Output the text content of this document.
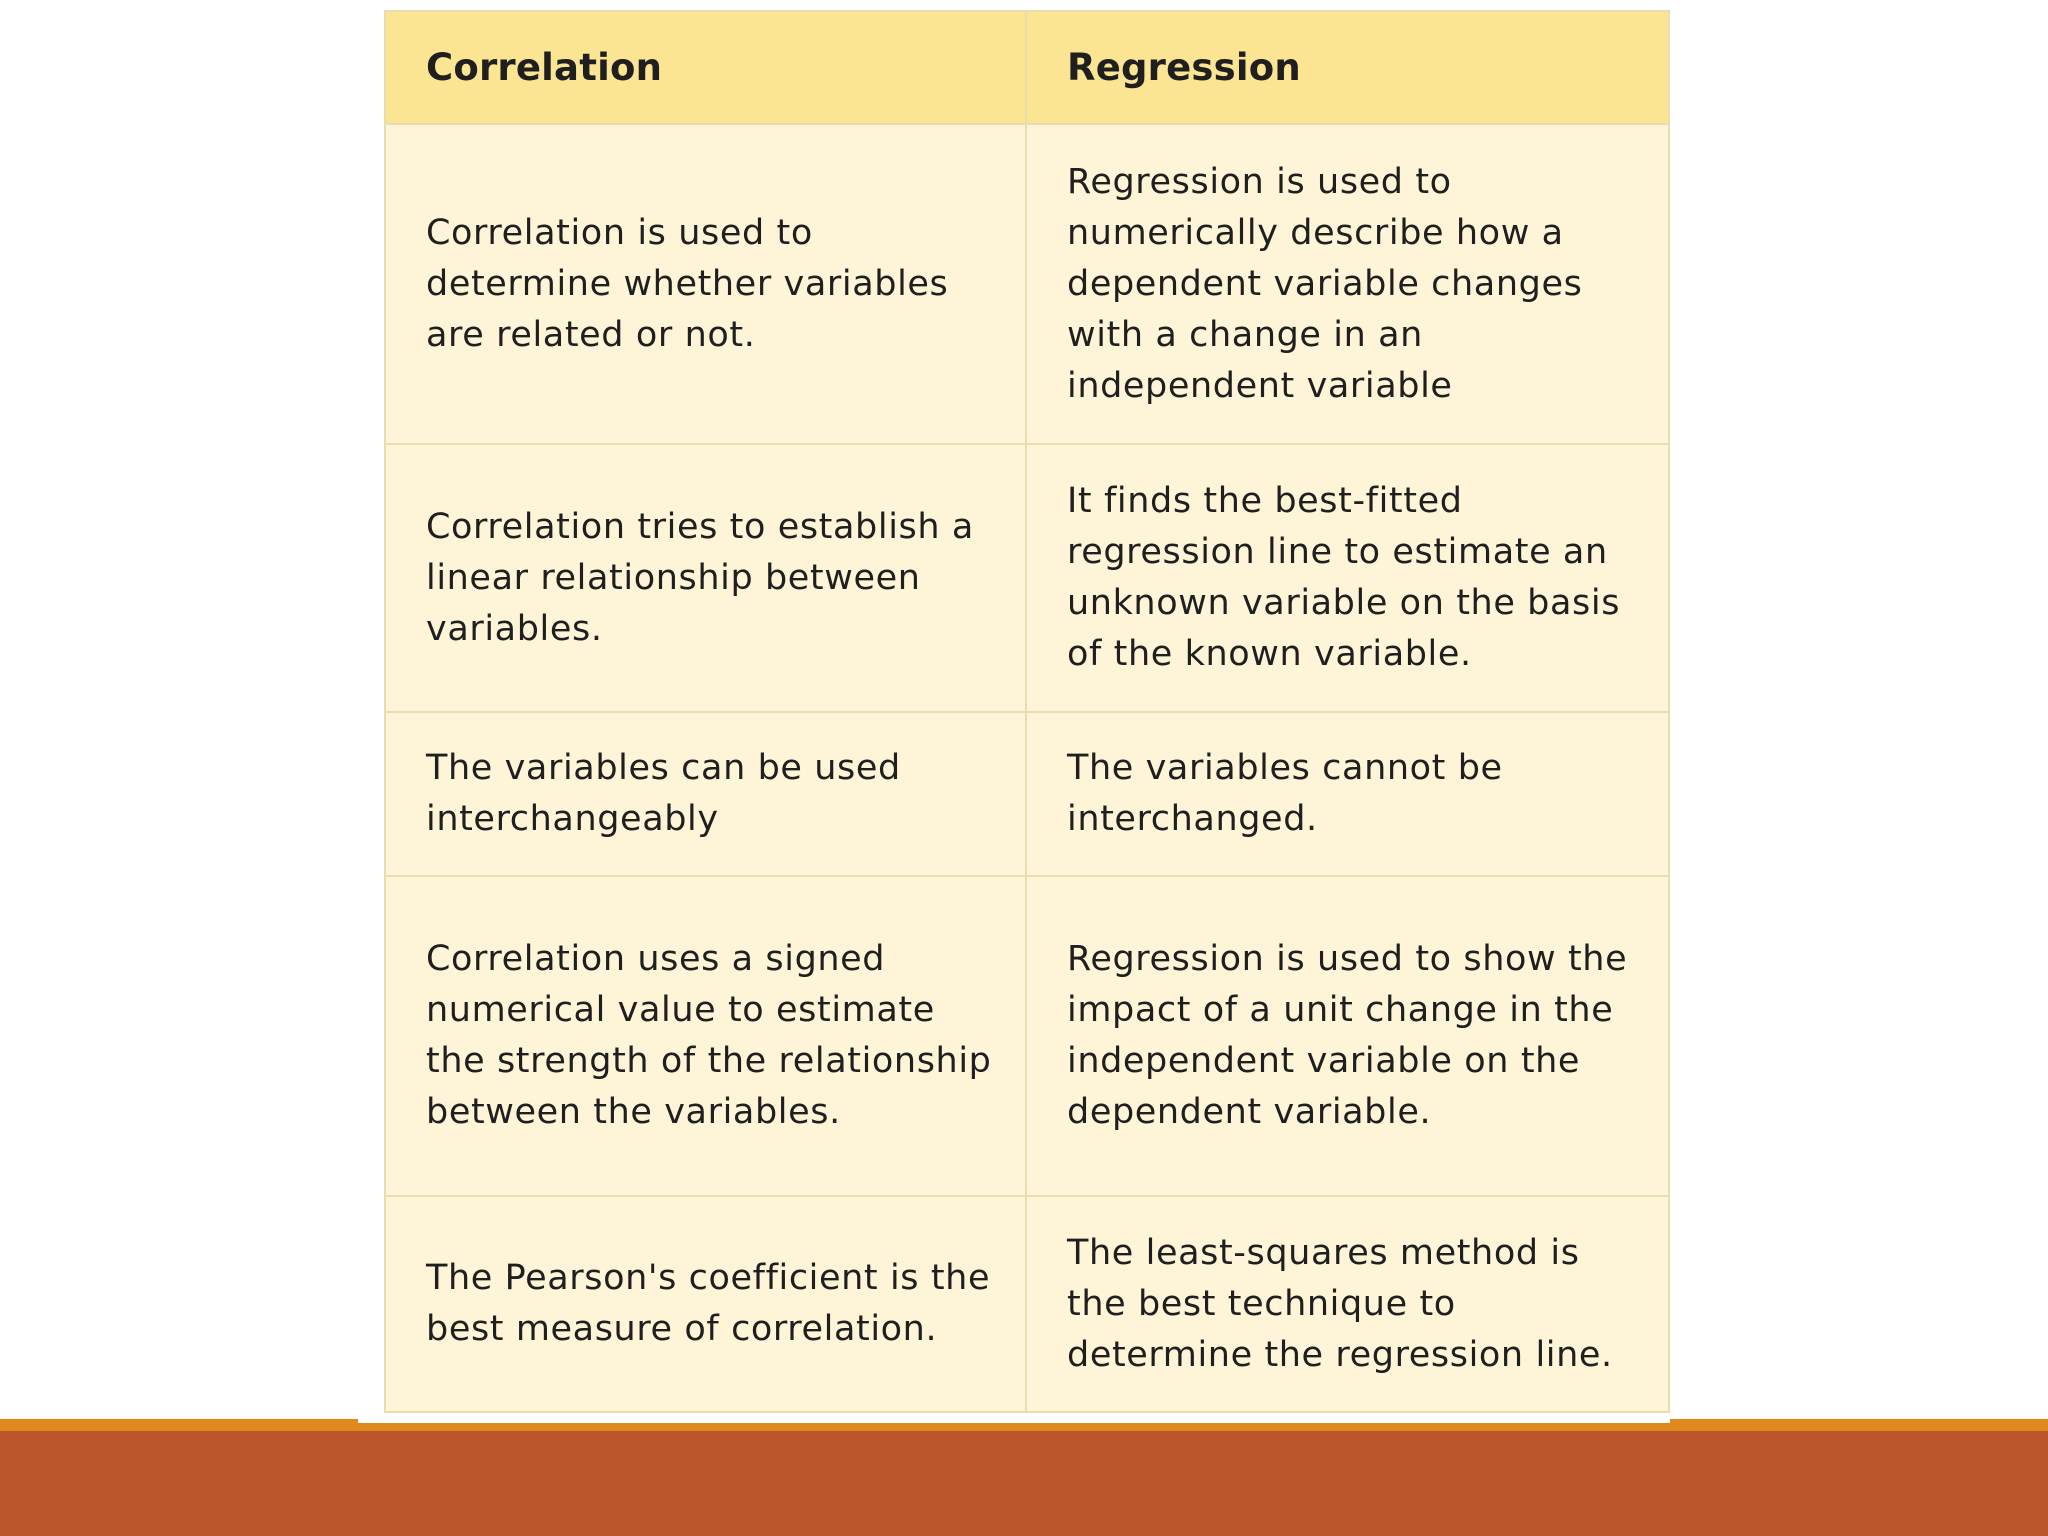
Correlation	Regression
Correlation is used to determine whether variables are related or not.	Regression is used to numerically describe how a dependent variable changes with a change in an independent variable
Correlation tries to establish a linear relationship between variables.	It finds the best-fitted regression line to estimate an unknown variable on the basis of the known variable.
The variables can be used interchangeably	The variables cannot be interchanged.
Correlation uses a signed numerical value to estimate the strength of the relationship between the variables.	Regression is used to show the impact of a unit change in the independent variable on the dependent variable.
The Pearson's coefficient is the best measure of correlation.	The least-squares method is the best technique to determine the regression line.
